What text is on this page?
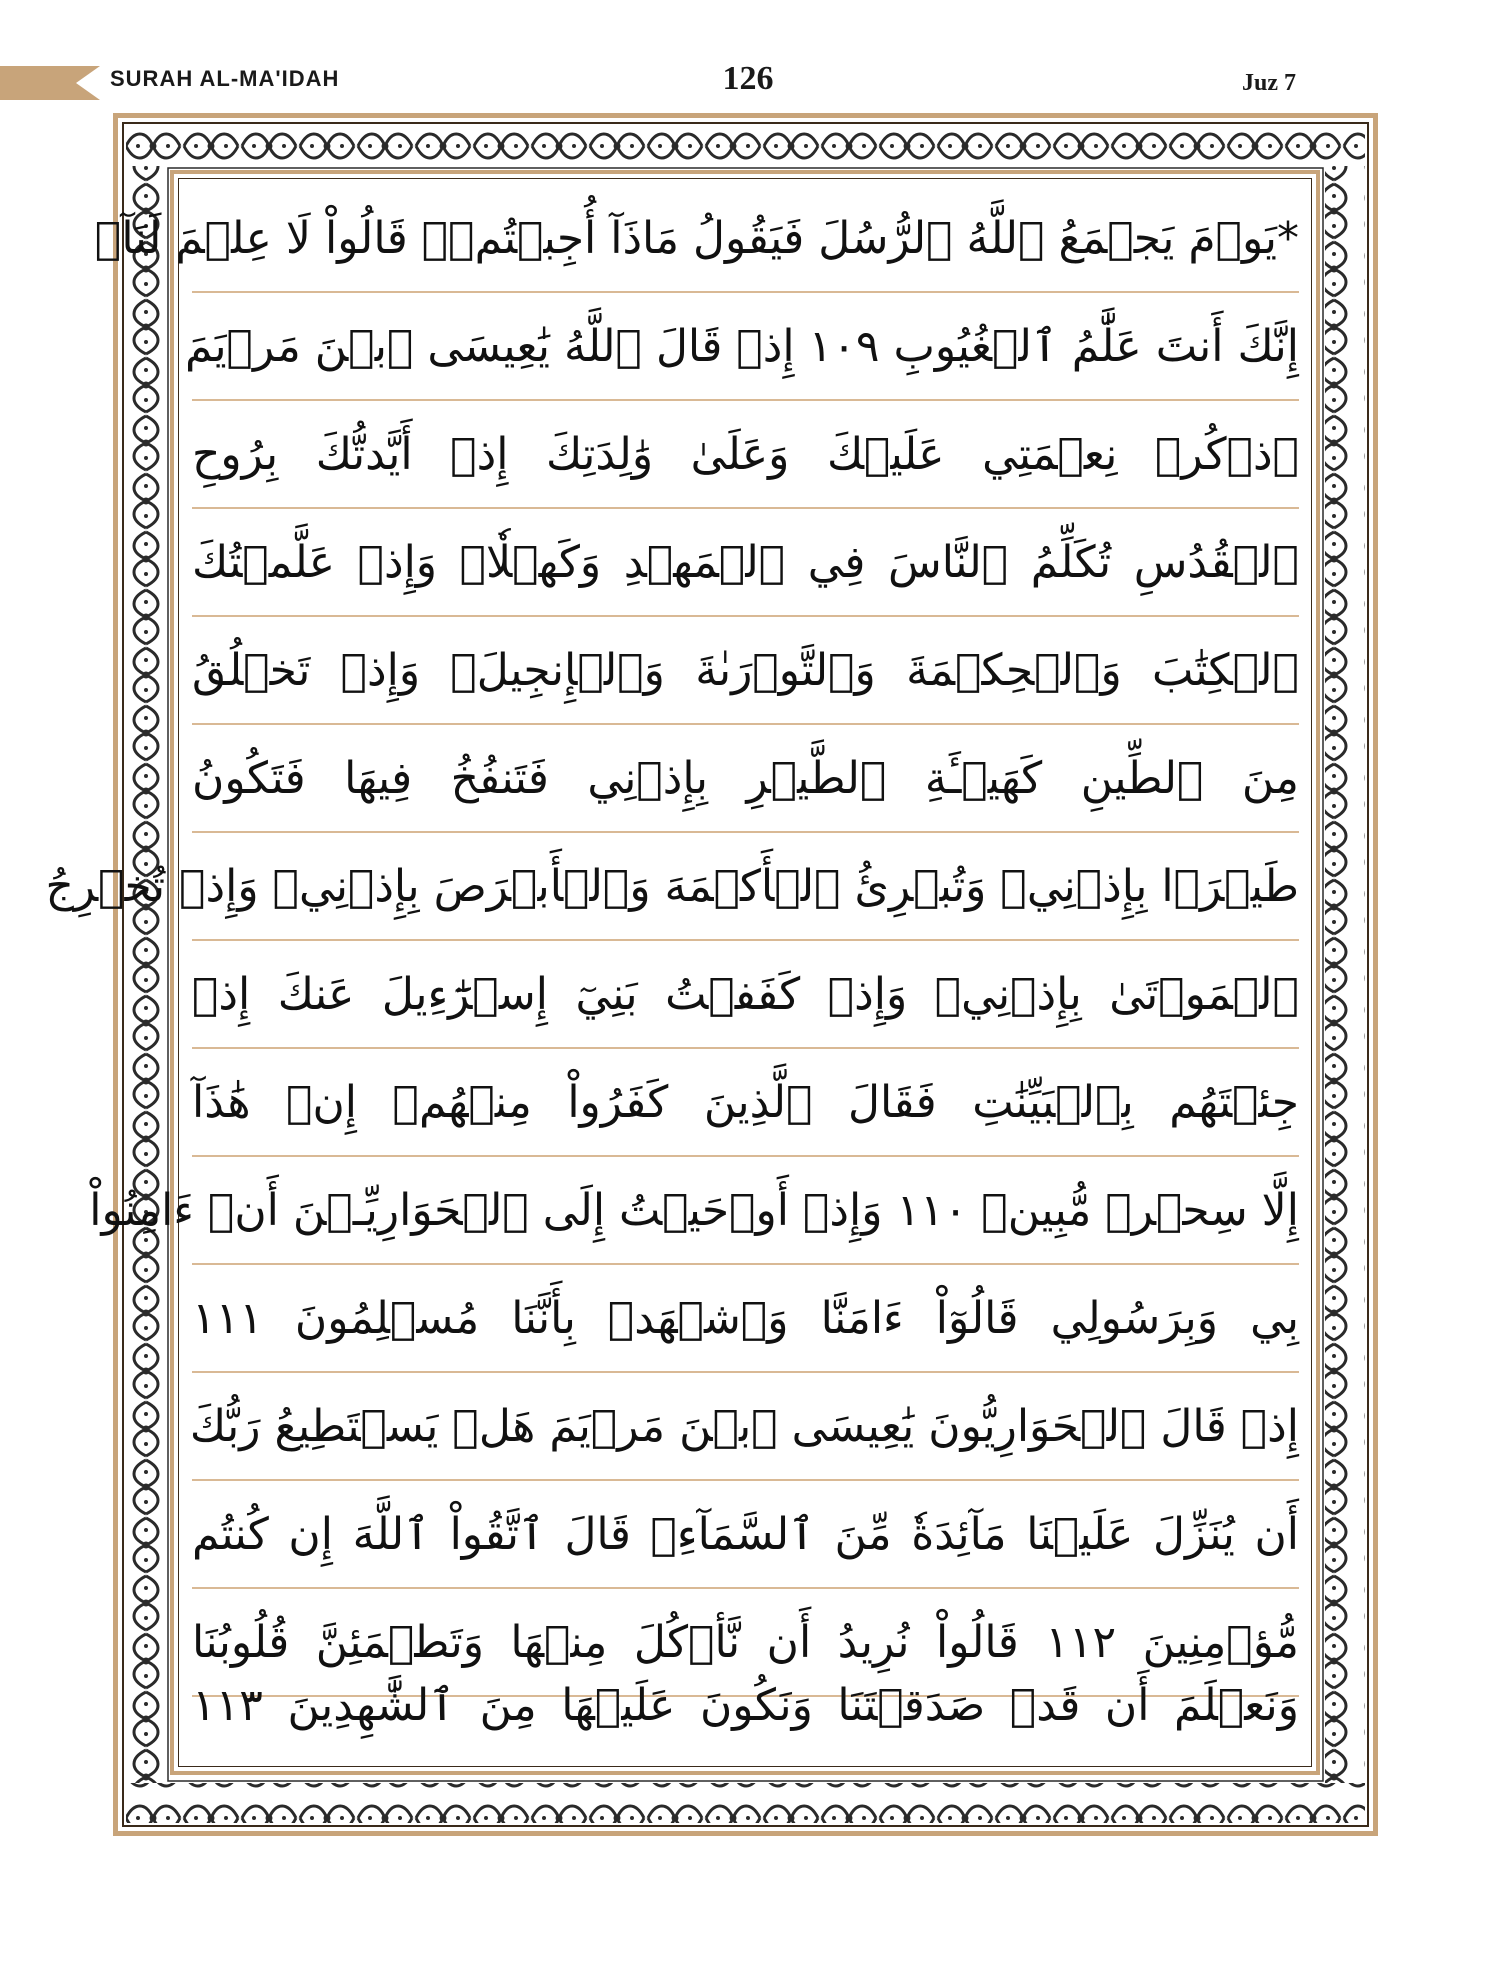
SURAH AL-MA'IDAH	126	Juz 7
*يَوۡمَ يَجۡمَعُ ٱللَّهُ ٱلرُّسُلَ فَيَقُولُ مَاذَآ أُجِبۡتُمۡۖ قَالُواْ لَا عِلۡمَ لَنَآۖ
إِنَّكَ أَنتَ عَلَّٰمُ ٱلۡغُيُوبِ ١٠٩ إِذۡ قَالَ ٱللَّهُ يَٰعِيسَى ٱبۡنَ مَرۡيَمَ
ٱذۡكُرۡ نِعۡمَتِي عَلَيۡكَ وَعَلَىٰ وَٰلِدَتِكَ إِذۡ أَيَّدتُّكَ بِرُوحِ
ٱلۡقُدُسِ تُكَلِّمُ ٱلنَّاسَ فِي ٱلۡمَهۡدِ وَكَهۡلٗاۖ وَإِذۡ عَلَّمۡتُكَ
ٱلۡكِتَٰبَ وَٱلۡحِكۡمَةَ وَٱلتَّوۡرَىٰةَ وَٱلۡإِنجِيلَۖ وَإِذۡ تَخۡلُقُ
مِنَ ٱلطِّينِ كَهَيۡـَٔةِ ٱلطَّيۡرِ بِإِذۡنِي فَتَنفُخُ فِيهَا فَتَكُونُ
طَيۡرَۢا بِإِذۡنِيۖ وَتُبۡرِئُ ٱلۡأَكۡمَهَ وَٱلۡأَبۡرَصَ بِإِذۡنِيۖ وَإِذۡ تُخۡرِجُ
ٱلۡمَوۡتَىٰ بِإِذۡنِيۖ وَإِذۡ كَفَفۡتُ بَنِيٓ إِسۡرَٰٓءِيلَ عَنكَ إِذۡ
جِئۡتَهُم بِٱلۡبَيِّنَٰتِ فَقَالَ ٱلَّذِينَ كَفَرُواْ مِنۡهُمۡ إِنۡ هَٰذَآ
إِلَّا سِحۡرٞ مُّبِينٞ ١١٠ وَإِذۡ أَوۡحَيۡتُ إِلَى ٱلۡحَوَارِيِّـۧنَ أَنۡ ءَامِنُواْ
بِي وَبِرَسُولِي قَالُوٓاْ ءَامَنَّا وَٱشۡهَدۡ بِأَنَّنَا مُسۡلِمُونَ ١١١
إِذۡ قَالَ ٱلۡحَوَارِيُّونَ يَٰعِيسَى ٱبۡنَ مَرۡيَمَ هَلۡ يَسۡتَطِيعُ رَبُّكَ
أَن يُنَزِّلَ عَلَيۡنَا مَآئِدَةٗ مِّنَ ٱلسَّمَآءِۖ قَالَ ٱتَّقُواْ ٱللَّهَ إِن كُنتُم
مُّؤۡمِنِينَ ١١٢ قَالُواْ نُرِيدُ أَن نَّأۡكُلَ مِنۡهَا وَتَطۡمَئِنَّ قُلُوبُنَا
وَنَعۡلَمَ أَن قَدۡ صَدَقۡتَنَا وَنَكُونَ عَلَيۡهَا مِنَ ٱلشَّٰهِدِينَ ١١٣
